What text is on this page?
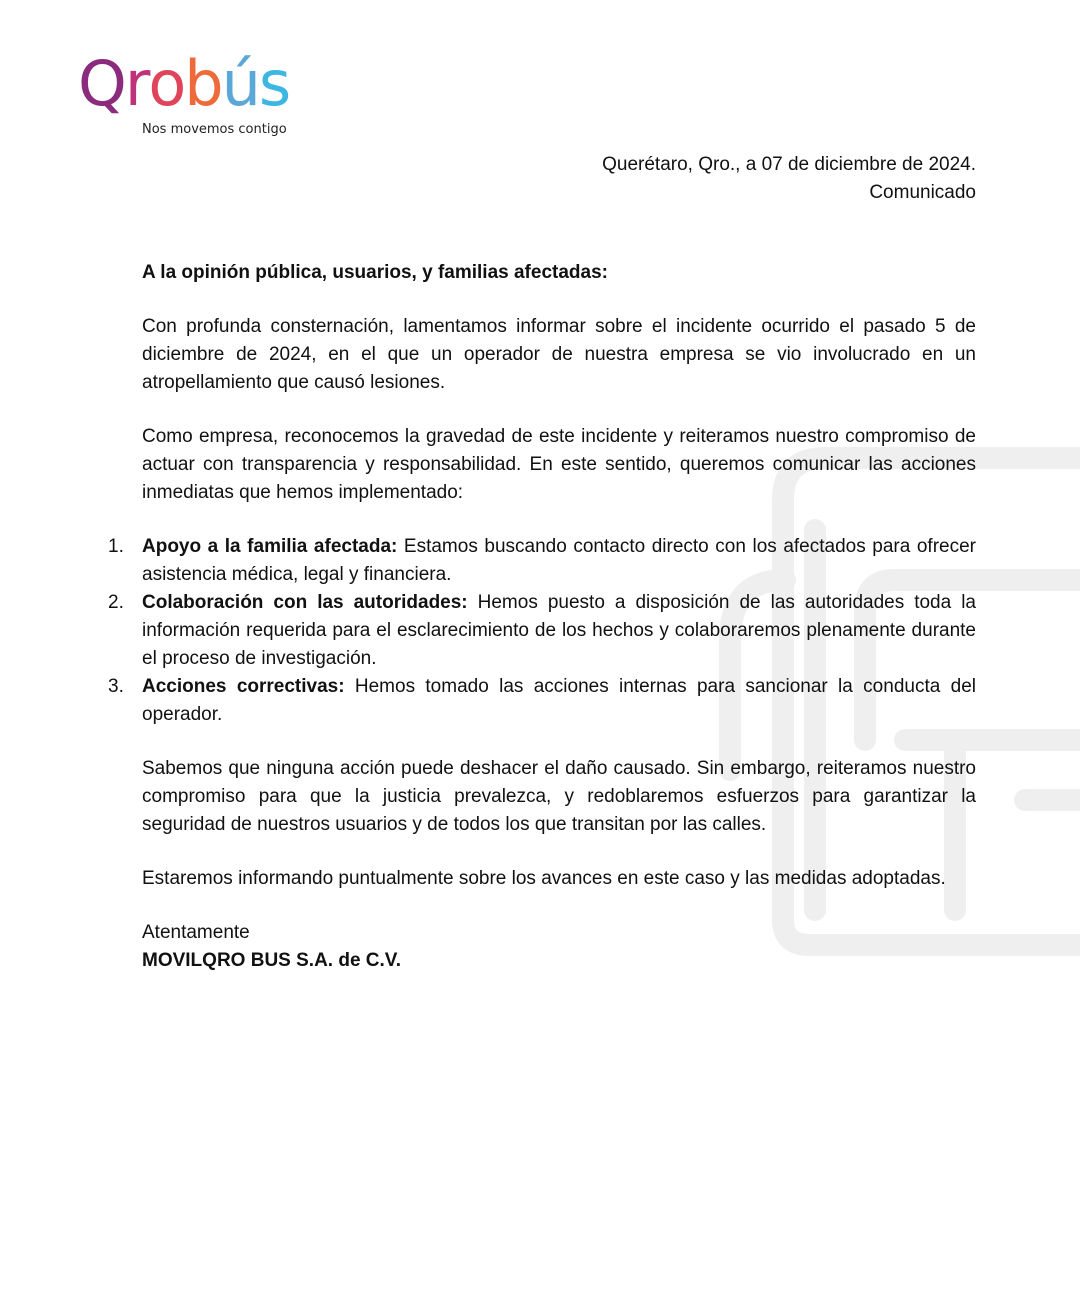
Qrobús
Nos movemos contigo
Querétaro, Qro., a 07 de diciembre de 2024.
Comunicado

A la opinión pública, usuarios, y familias afectadas:

Con profunda consternación, lamentamos informar sobre el incidente ocurrido el pasado 5 de diciembre de 2024, en el que un operador de nuestra empresa se vio involucrado en un atropellamiento que causó lesiones.

Como empresa, reconocemos la gravedad de este incidente y reiteramos nuestro compromiso de actuar con transparencia y responsabilidad. En este sentido, queremos comunicar las acciones inmediatas que hemos implementado:

1. Apoyo a la familia afectada: Estamos buscando contacto directo con los afectados para ofrecer asistencia médica, legal y financiera.
2. Colaboración con las autoridades: Hemos puesto a disposición de las autoridades toda la información requerida para el esclarecimiento de los hechos y colaboraremos plenamente durante el proceso de investigación.
3. Acciones correctivas: Hemos tomado las acciones internas para sancionar la conducta del operador.

Sabemos que ninguna acción puede deshacer el daño causado. Sin embargo, reiteramos nuestro compromiso para que la justicia prevalezca, y redoblaremos esfuerzos para garantizar la seguridad de nuestros usuarios y de todos los que transitan por las calles.

Estaremos informando puntualmente sobre los avances en este caso y las medidas adoptadas.

Atentamente

MOVILQRO BUS S.A. de C.V.
